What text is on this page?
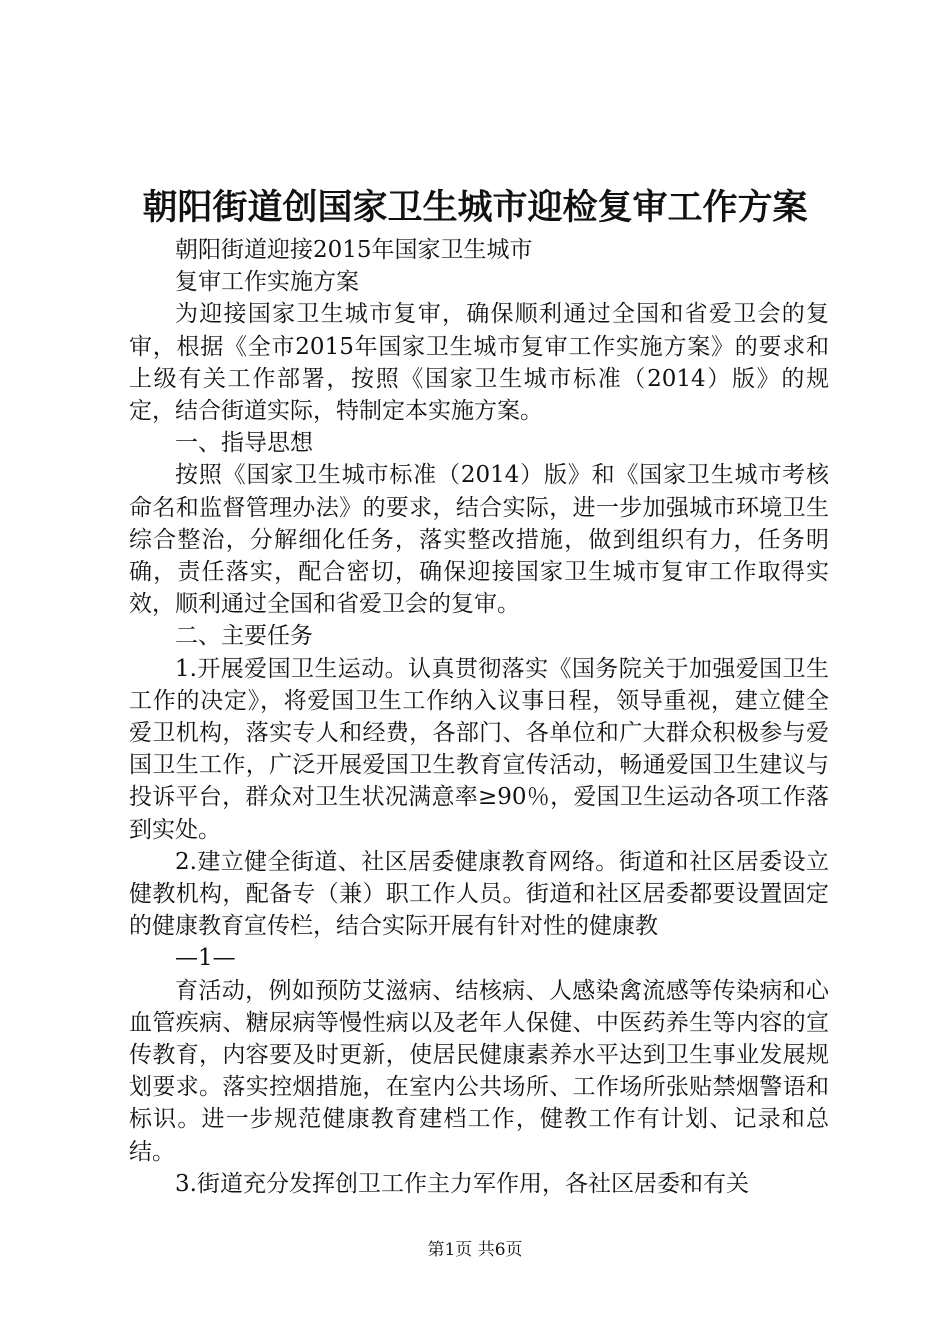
朝阳街道创国家卫生城市迎检复审工作方案

朝阳街道迎接2015年国家卫生城市

复审工作实施方案

为迎接国家卫生城市复审，确保顺利通过全国和省爱卫会的复审，根据《全市2015年国家卫生城市复审工作实施方案》的要求和上级有关工作部署，按照《国家卫生城市标准（2014）版》的规定，结合街道实际，特制定本实施方案。

一、指导思想

按照《国家卫生城市标准（2014）版》和《国家卫生城市考核命名和监督管理办法》的要求，结合实际，进一步加强城市环境卫生综合整治，分解细化任务，落实整改措施，做到组织有力，任务明确，责任落实，配合密切，确保迎接国家卫生城市复审工作取得实效，顺利通过全国和省爱卫会的复审。

二、主要任务

1.开展爱国卫生运动。认真贯彻落实《国务院关于加强爱国卫生工作的决定》，将爱国卫生工作纳入议事日程，领导重视，建立健全爱卫机构，落实专人和经费，各部门、各单位和广大群众积极参与爱国卫生工作，广泛开展爱国卫生教育宣传活动，畅通爱国卫生建议与投诉平台，群众对卫生状况满意率≥90％，爱国卫生运动各项工作落到实处。

2.建立健全街道、社区居委健康教育网络。街道和社区居委设立健教机构，配备专（兼）职工作人员。街道和社区居委都要设置固定的健康教育宣传栏，结合实际开展有针对性的健康教

—1—

育活动，例如预防艾滋病、结核病、人感染禽流感等传染病和心血管疾病、糖尿病等慢性病以及老年人保健、中医药养生等内容的宣传教育，内容要及时更新，使居民健康素养水平达到卫生事业发展规划要求。落实控烟措施，在室内公共场所、工作场所张贴禁烟警语和标识。进一步规范健康教育建档工作，健教工作有计划、记录和总结。

3.街道充分发挥创卫工作主力军作用，各社区居委和有关

第1页 共6页
